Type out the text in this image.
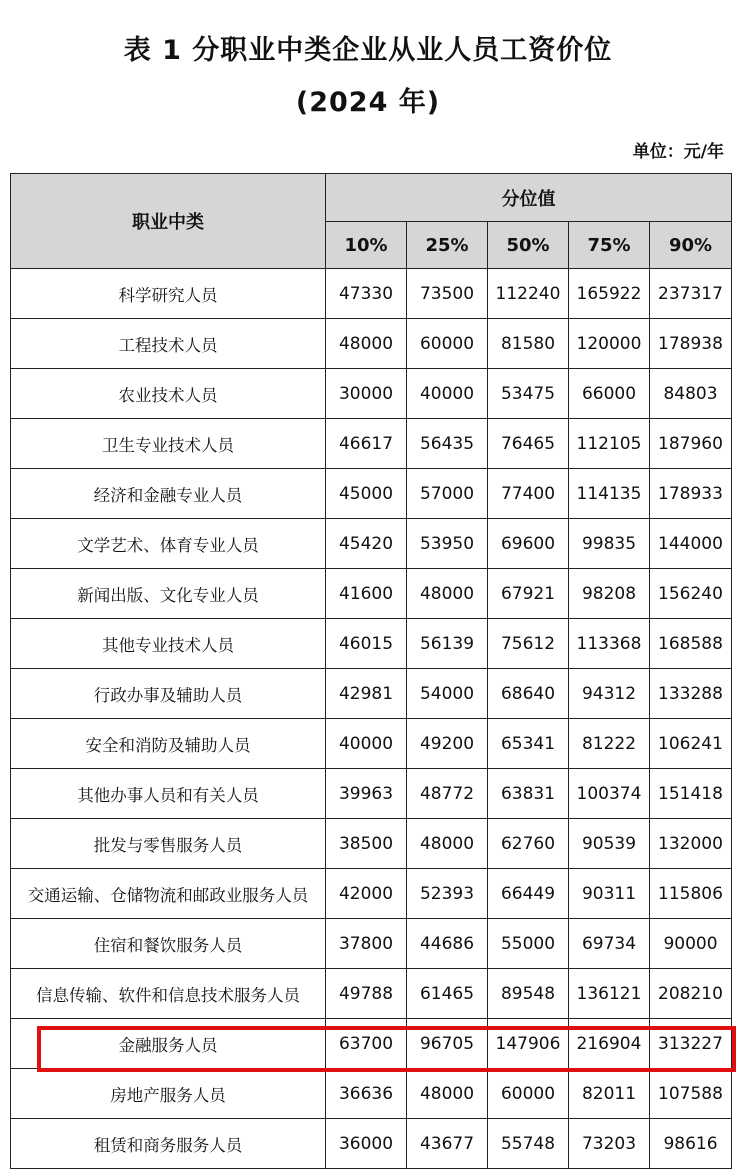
表 1 分职业中类企业从业人员工资价位
(2024 年)
单位：元/年
职业中类	分位值				
	10%	25%	50%	75%	90%
科学研究人员	47330	73500	112240	165922	237317
工程技术人员	48000	60000	81580	120000	178938
农业技术人员	30000	40000	53475	66000	84803
卫生专业技术人员	46617	56435	76465	112105	187960
经济和金融专业人员	45000	57000	77400	114135	178933
文学艺术、体育专业人员	45420	53950	69600	99835	144000
新闻出版、文化专业人员	41600	48000	67921	98208	156240
其他专业技术人员	46015	56139	75612	113368	168588
行政办事及辅助人员	42981	54000	68640	94312	133288
安全和消防及辅助人员	40000	49200	65341	81222	106241
其他办事人员和有关人员	39963	48772	63831	100374	151418
批发与零售服务人员	38500	48000	62760	90539	132000
交通运输、仓储物流和邮政业服务人员	42000	52393	66449	90311	115806
住宿和餐饮服务人员	37800	44686	55000	69734	90000
信息传输、软件和信息技术服务人员	49788	61465	89548	136121	208210
金融服务人员	63700	96705	147906	216904	313227
房地产服务人员	36636	48000	60000	82011	107588
租赁和商务服务人员	36000	43677	55748	73203	98616
